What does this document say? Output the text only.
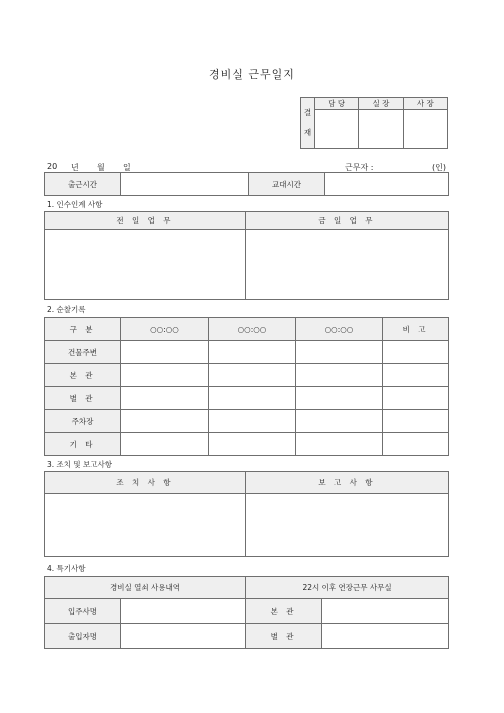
경비실 근무일지
결
재	담 당	실 장	사 장

20 년 월 일	근무자 :	(인)
출근시간		교대시간	
1. 인수인계 사항
전 일 업 무	금 일 업 무

2. 순찰기록
구 분	○○:○○	○○:○○	○○:○○	비 고
건물주변				
본 관				
별 관				
주차장				
기 타				
3. 조치 및 보고사항
조 치 사 항	보 고 사 항

4. 특기사항
경비실 열쇠 사용내역		22시 이후 연장근무 사무실	
입주사명		본 관	
출입자명		별 관	
